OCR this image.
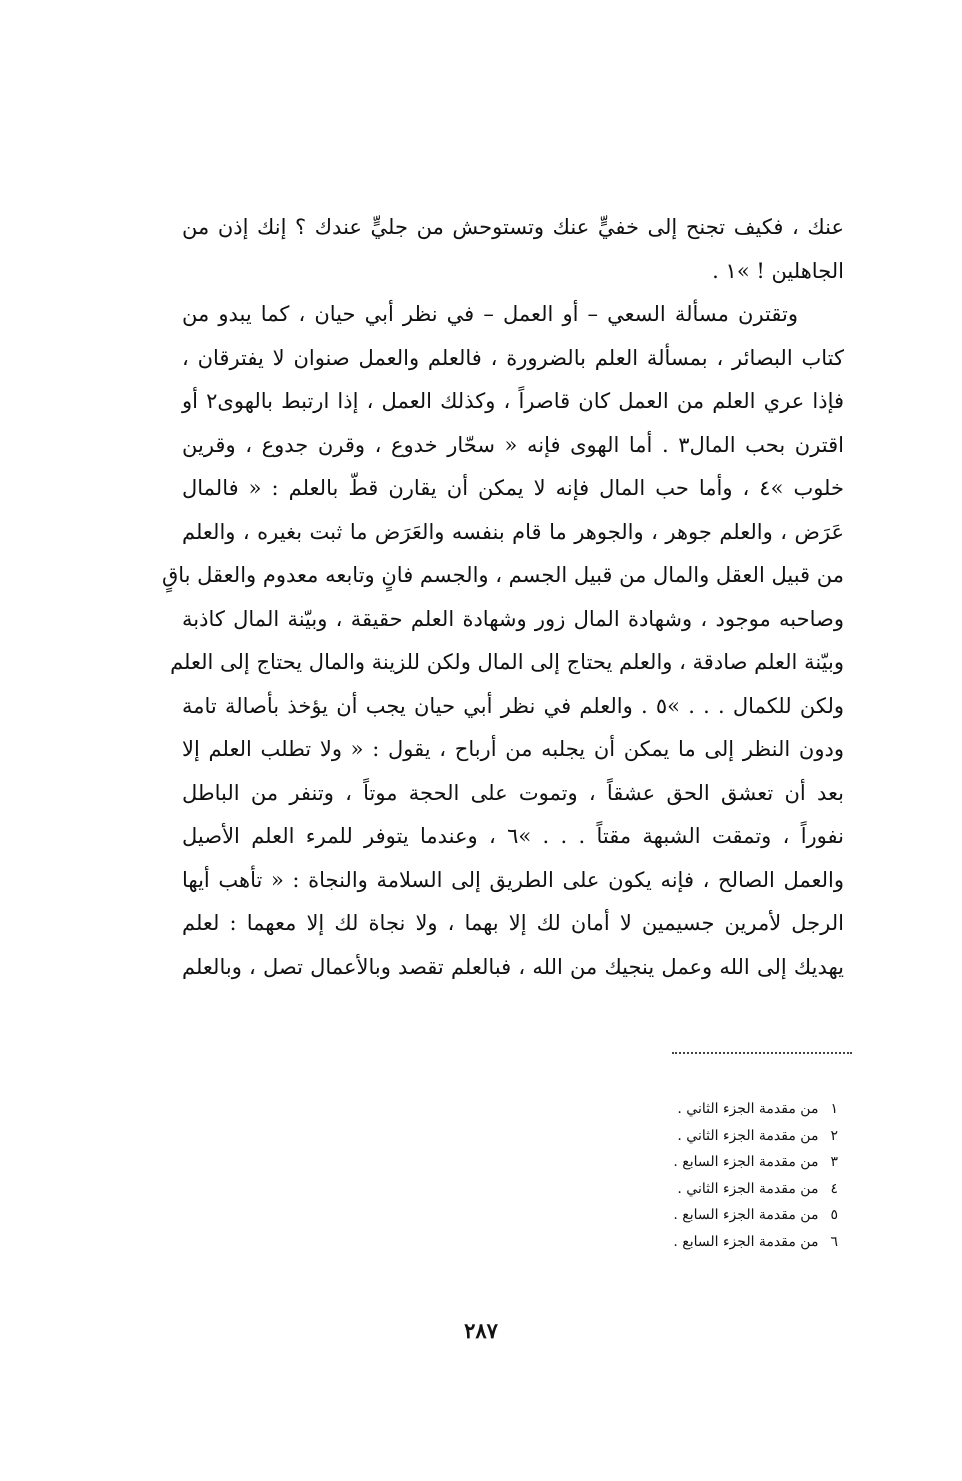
عنك ، فكيف تجنح إلى خفيٍّ عنك وتستوحش من جليٍّ عندك ؟ إنك إذن من
الجاهلين ! »١ .
وتقترن مسألة السعي – أو العمل – في نظر أبي حيان ، كما يبدو من
كتاب البصائر ، بمسألة العلم بالضرورة ، فالعلم والعمل صنوان لا يفترقان ،
فإذا عري العلم من العمل كان قاصراً ، وكذلك العمل ، إذا ارتبط بالهوى٢ أو
اقترن بحب المال٣ . أما الهوى فإنه « سحّار خدوع ، وقرن جدوع ، وقرين
خلوب »٤ ، وأما حب المال فإنه لا يمكن أن يقارن قطّ بالعلم : « فالمال
عَرَض ، والعلم جوهر ، والجوهر ما قام بنفسه والعَرَض ما ثبت بغيره ، والعلم
من قبيل العقل والمال من قبيل الجسم ، والجسم فانٍ وتابعه معدوم والعقل باقٍ
وصاحبه موجود ، وشهادة المال زور وشهادة العلم حقيقة ، وبيّنة المال كاذبة
وبيّنة العلم صادقة ، والعلم يحتاج إلى المال ولكن للزينة والمال يحتاج إلى العلم
ولكن للكمال . . . »٥ . والعلم في نظر أبي حيان يجب أن يؤخذ بأصالة تامة
ودون النظر إلى ما يمكن أن يجلبه من أرباح ، يقول : « ولا تطلب العلم إلا
بعد أن تعشق الحق عشقاً ، وتموت على الحجة موتاً ، وتنفر من الباطل
نفوراً ، وتمقت الشبهة مقتاً . . . »٦ ، وعندما يتوفر للمرء العلم الأصيل
والعمل الصالح ، فإنه يكون على الطريق إلى السلامة والنجاة : « تأهب أيها
الرجل لأمرين جسيمين لا أمان لك إلا بهما ، ولا نجاة لك إلا معهما : لعلم
يهديك إلى الله وعمل ينجيك من الله ، فبالعلم تقصد وبالأعمال تصل ، وبالعلم
١من مقدمة الجزء الثاني .
٢من مقدمة الجزء الثاني .
٣من مقدمة الجزء السابع .
٤من مقدمة الجزء الثاني .
٥من مقدمة الجزء السابع .
٦من مقدمة الجزء السابع .
٢٨٧
